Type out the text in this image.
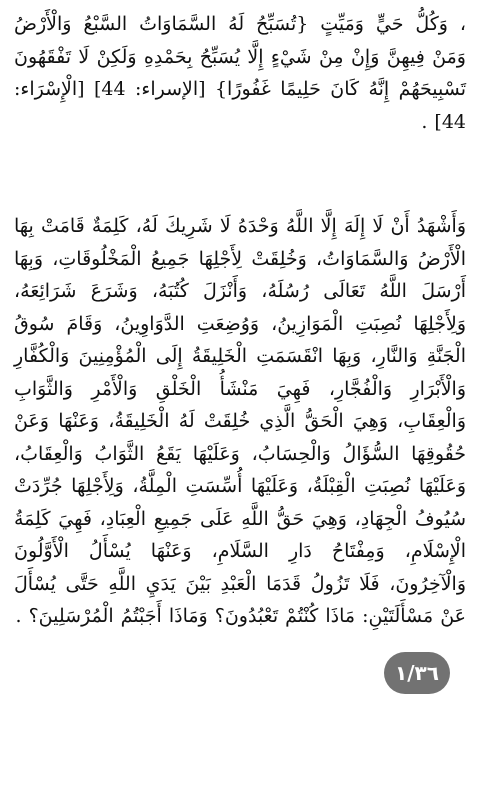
، وَكُلُّ حَيٍّ وَمَيِّتٍ {تُسَبِّحُ لَهُ السَّمَاوَاتُ السَّبْعُ وَالْأَرْضُ وَمَنْ فِيهِنَّ وَإِنْ مِنْ شَيْءٍ إِلَّا يُسَبِّحُ بِحَمْدِهِ وَلَكِنْ لَا تَفْقَهُونَ تَسْبِيحَهُمْ إِنَّهُ كَانَ حَلِيمًا غَفُورًا} [الإسراء: 44] [الْإِسْرَاء: 44] .

وَأَشْهَدُ أَنْ لَا إِلَهَ إِلَّا اللَّهُ وَحْدَهُ لَا شَرِيكَ لَهُ، كَلِمَةٌ قَامَتْ بِهَا الْأَرْضُ وَالسَّمَاوَاتُ، وَخُلِقَتْ لِأَجْلِهَا جَمِيعُ الْمَخْلُوقَاتِ، وَبِهَا أَرْسَلَ اللَّهُ تَعَالَى رُسُلَهُ، وَأَنْزَلَ كُتُبَهُ، وَشَرَعَ شَرَائِعَهُ، وَلِأَجْلِهَا نُصِبَتِ الْمَوَازِينُ، وَوُضِعَتِ الدَّوَاوِينُ، وَقَامَ سُوقُ الْجَنَّةِ وَالنَّارِ، وَبِهَا انْقَسَمَتِ الْخَلِيقَةُ إِلَى الْمُؤْمِنِينَ وَالْكُفَّارِ وَالْأَبْرَارِ وَالْفُجَّارِ، فَهِيَ مَنْشَأُ الْخَلْقِ وَالْأَمْرِ وَالثَّوَابِ وَالْعِقَابِ، وَهِيَ الْحَقُّ الَّذِي خُلِقَتْ لَهُ الْخَلِيقَةُ، وَعَنْهَا وَعَنْ حُقُوقِهَا السُّؤَالُ وَالْحِسَابُ، وَعَلَيْهَا يَقَعُ الثَّوَابُ وَالْعِقَابُ، وَعَلَيْهَا نُصِبَتِ الْقِبْلَةُ، وَعَلَيْهَا أُسِّسَتِ الْمِلَّةُ، وَلِأَجْلِهَا جُرِّدَتْ سُيُوفُ الْجِهَادِ، وَهِيَ حَقُّ اللَّهِ عَلَى جَمِيعِ الْعِبَادِ، فَهِيَ كَلِمَةُ الْإِسْلَامِ، وَمِفْتَاحُ دَارِ السَّلَامِ، وَعَنْهَا يُسْأَلُ الْأَوَّلُونَ وَالْآخِرُونَ، فَلَا تَزُولُ قَدَمَا الْعَبْدِ بَيْنَ يَدَيِ اللَّهِ حَتَّى يُسْأَلَ عَنْ مَسْأَلَتَيْنِ: مَاذَا كُنْتُمْ تَعْبُدُونَ؟ وَمَاذَا أَجَبْتُمُ الْمُرْسَلِينَ؟ .

١/٣٦
